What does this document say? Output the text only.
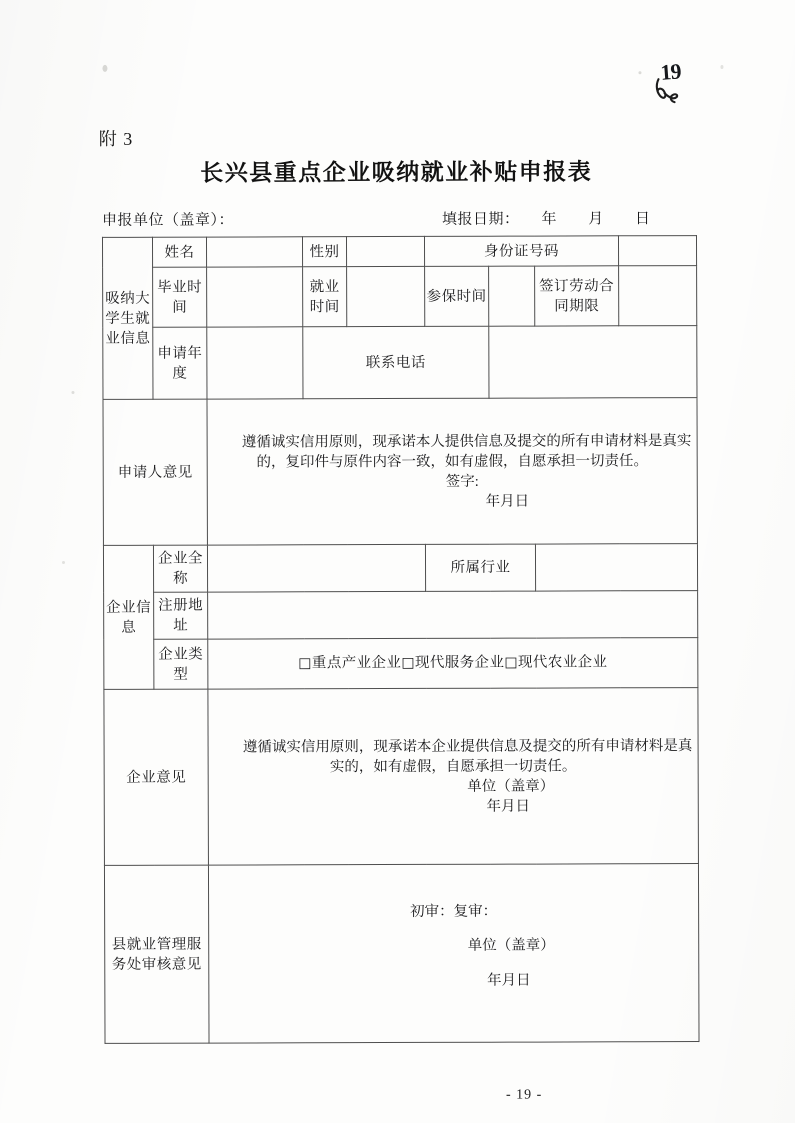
19
附 3
长兴县重点企业吸纳就业补贴申报表
申报单位（盖章）：	填报日期： 年 月 日
吸纳大学生就业信息	姓名		性别		身份证号码			
	毕业时间		就业时间		参保时间		签订劳动合同期限	
	申请年度		联系电话					
申请人意见		遵循诚实信用原则，现承诺本人提供信息及提交的所有申请材料是真实的，复印件与原件内容一致，如有虚假，自愿承担一切责任。

签字:

年月日						

企业信息	企业全称				所属行业			
	注册地址							
	企业类型	□重点产业企业□现代服务企业□现代农业企业						
企业意见		遵循诚实信用原则，现承诺本企业提供信息及提交的所有申请材料是真实的，如有虚假，自愿承担一切责任。

单位（盖章）

年月日						

县就业管理服务处审核意见		初审：复审：

单位（盖章）

年月日						

- 19 -
